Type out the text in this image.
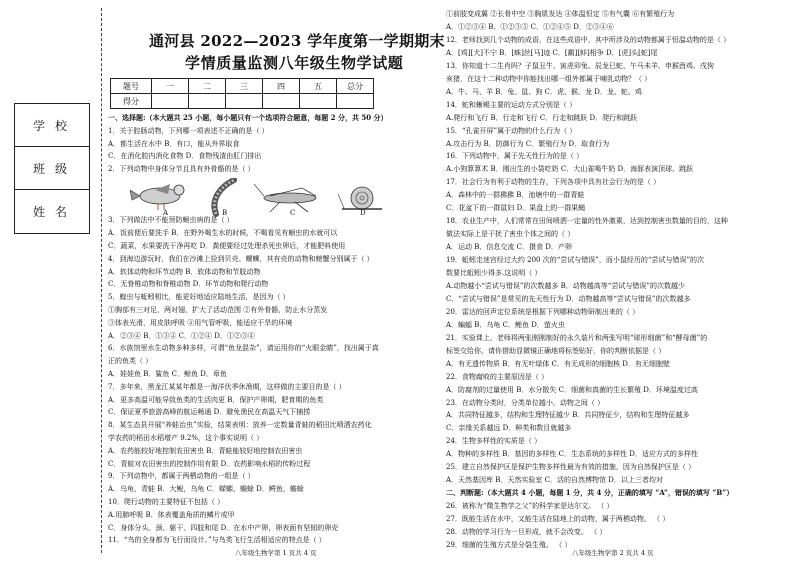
学校
班级
姓名
通河县 2022—2023 学年度第一学期期末
学情质量监测八年级生物学试题
题号	一	二	三	四	五	总分
得分						
一、选择题:（本大题共 25 小题，每小题只有一个选项符合题意，每题 2 分，共 50 分）
1．关于腔肠动物，下列哪一项表述不正确的是（ ）
A．都生活在水中 B．有口，能从外界取食
C．在消化腔内消化食物 D．食物残渣由肛门排出
2．下列动物中身体分节且具有外骨骼的是（ ）
3．下列做法中不能预防蛔虫病的是（ ）
A．饭前便后要洗手 B．在野外喝生水的时候，不喝看见有蛔虫的水就可以
C．蔬菜，水果要洗干净再吃 D．粪便要经过处理杀死虫卵后，才能肥料使用
4．到海边游玩时，我们在沙滩上捡到贝壳、螺蛳，其有壳的动物和螃蟹分别属于（ ）
A．软体动物和环节动物 B．软体动物和节肢动物
C．无脊椎动物和脊椎动物 D．环节动物和爬行动物
5．蝗虫与蚯蚓相比，能更好地适应陆地生活，是因为（ ）
①胸部有三对足，两对翅，扩大了活动范围 ②有外骨骼，防止水分蒸发
③体表光滑，用皮肤呼吸 ④用气管呼吸，能适应干旱的环境
A．②③④ B．①③④ C．①②④ D．①②③④
6．水族馆里水生动物多种多样，可谓“鱼龙混杂”，请运用你的“火眼金睛”，找出属于真
正的鱼类（ ）
A．娃娃鱼 B．鲨鱼 C．鲸鱼 D．章鱼
7．多年来，黑龙江某某年都是一海洋伏季休渔期，这样做的主要目的是（ ）
A．更多高温可能导致鱼类的生活肉更 B．保护产卵期，肥育期的鱼类
C．保证夏季旅游高峰的航运畅通 D．避免渔民在高温天气下捕捞
8．某生态县开展“养蛙治虫”实验，结果表明：放养一定数量青蛙的稻田比喷洒农药化
学农药的稻田水稻增产 9.2%，这个事实说明（ ）
A．农药能较好地控制农田害虫 B．青蛙能较好地控制农田害虫
C．青蛙对农田害虫的控制作用有限 D．农药影响水稻的传粉过程
9．下列动物中，都属于两栖动物的一组是（ ）
A．乌龟，青蛙 B．大鲵，乌龟 C．蝾螈，蟾蜍 D．鳄鱼，蟾蜍
10．爬行动物的主要特征不包括（ ）
A.用肺呼吸 B．体表覆盖角质的鳞片或甲
C．身体分头、颈、躯干、四肢和尾 D．在水中产卵，卵表面有坚韧的卵壳
11．“鸟的全身都为飞行而设计。”与鸟类飞行生活相适应的特点是（ ）
①前肢变成翼 ②长骨中空 ③胸肌发达 ④体温恒定 ⑤有气囊 ⑥有繁殖行为
A．①②③④ B．①②③⑤ C．①②④⑤ D．②③④⑥
12．老师找到几个动物的成语，在这些成语中，其中所涉及的动物都属于恒温动物的是（ ）
A．[鸡][犬]不宁 B．[蛛]丝[马]迹 C．[鹬][蚌]相争 D．[虎]头[蛇]尾
13．你知道十二生肖吗？子鼠丑牛、寅虎卯兔、辰龙巳蛇、午马未羊、申猴酉鸡、戌狗
亥猪，在这十二种动物中你能找出哪一组外都属于哺乳动物？（ ）
A．牛、马、羊 B．兔、鼠、狗 C．虎、猴、龙 D．龙、蛇、鸡
14．蛇和蜥蜴主要的运动方式分别是（ ）
A.爬行和飞行 B．行走和飞行 C．行走和跳跃 D．爬行和跳跃
15．“孔雀开屏”属于动物的什么行为（ ）
A.攻击行为 B．防御行为 C．繁殖行为 D．取食行为
16．下列动物中，属于先天性行为的是（ ）
A.小狗算算术 B．刚出生的小袋吃奶 C．大山雀喝牛奶 D．海豚表演顶球、跳跃
17．社会行为有利于动物的生存，下列各项中具有社会行为的是（ ）
A．森林中的一群狒狒 B．池塘中的一群青蛙
C．花盆下的一群鼠妇 D．果盘上的一群果蝇
18．农业生产中，人们常常在田间喷洒一定量的性外激素，达到控制害虫数量的目的，这种
做法实际上是干扰了害虫个体之间的（ ）
A．运动 B．信息交流 C．摄食 D．产卵
19．蚯蚓走迷宫经过大约 200 次的“尝试与错误”，而小鼠经历的“尝试与错误”的次
数要比蚯蚓少得多.这说明（ ）
A.动物越小“尝试与错误”的次数越多 B．动物越高等“尝试与错误”的次数越少
C．“尝试与错误”是常见的先天性行为 D．动物越高等“尝试与错误”的次数越多
20．雷达的回声定位系统是根据下列哪种动物研制出来的（ ）
A．蝙蝠 B．乌龟 C．鲤鱼 D．萤火虫
21．实验课上，老师将两张刚刚制好的永久装片和两张写明“球形细菌”和“酵母菌”的
标签交给你，请你借助显微镜正确地将标签贴好，你的判断依据是（ ）
A．有无遗传物质 B．有无叶绿体 C．有无成形的细胞核 D．有无细胞壁
22．食物腐败的主要原因是（ ）
A．防腐剂的过量使用 B．水分散失 C．细菌和真菌的生长繁殖 D．环境温度过高
23．在动物分类时，分类单位越小，动物之间（ ）
A．共同特征越多，结构和生理特征越少 B．共同特征少，结构和生理特征越多
C．亲缘关系越远 D．种类和数目就越多
24．生物多样性的实质是（ ）
A．物种的多样性 B．基因的多样性 C．生态系统的多样性 D．适应方式的多样性
25．建立自然保护区是保护生物多样性最为有效的措施，因为自然保护区是（ ）
A．天然基因库 B．天然实验室 C．活的自然博物馆 D．以上三者均对
二、判断题:（本大题共 4 小题，每题 1 分，共 4 分，正确的填写 “A”，错误的填写 “B”）
26．被称为“微生物学之父”的科学家是达尔文。 （ ）
27．既能生活在水中，又能生活在陆地上的动物，属于两栖动物。 （ ）
28．动物的学习行为一旦形成，就不会改变。 （ ）
29．细菌的生殖方式是分裂生殖。 （ ）
A	B	C	D
八年级生物学第 1 页共 4 页	八年级生物学第 2 页共 4 页
